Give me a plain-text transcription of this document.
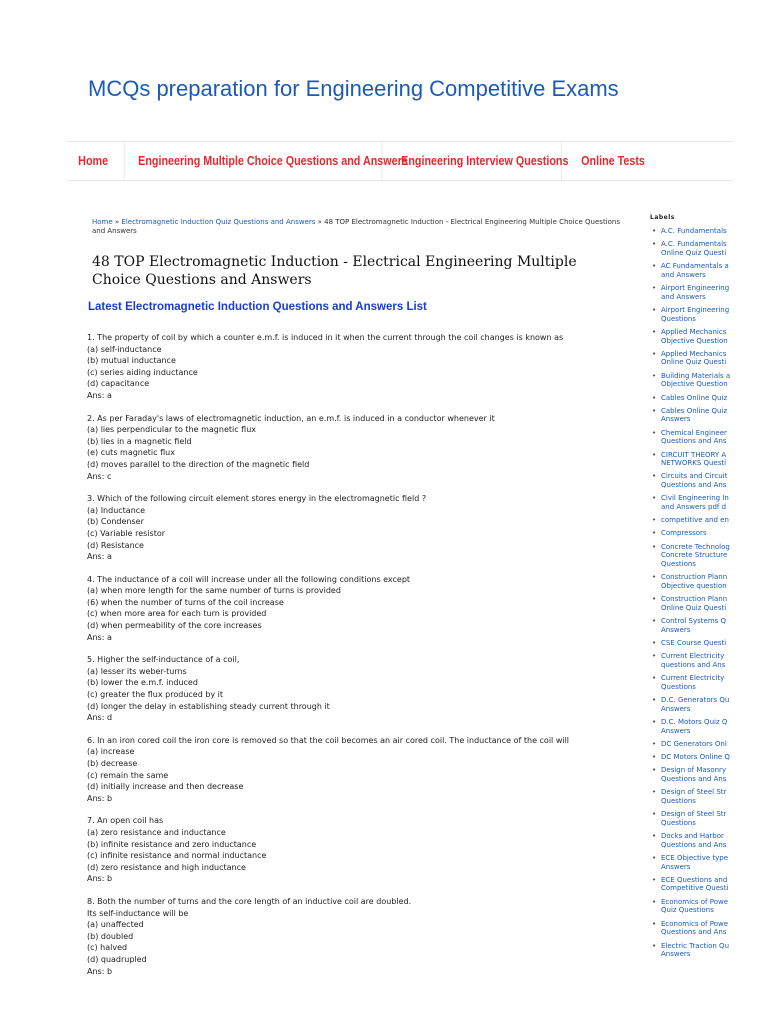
MCQs preparation for Engineering Competitive Exams
Home	Engineering Multiple Choice Questions and Answers
Engineering Interview Questions	Online Tests
Home » Electromagnetic Induction Quiz Questions and Answers » 48 TOP Electromagnetic Induction - Electrical Engineering Multiple Choice Questions and Answers
48 TOP Electromagnetic Induction - Electrical Engineering Multiple Choice Questions and Answers
Latest Electromagnetic Induction Questions and Answers List
1. The property of coil by which a counter e.m.f. is induced in it when the current through the coil changes is known as
(a) self-inductance
(b) mutual inductance
(c) series aiding inductance
(d) capacitance
Ans: a
2. As per Faraday's laws of electromagnetic induction, an e.m.f. is induced in a conductor whenever it
(a) lies perpendicular to the magnetic flux
(b) lies in a magnetic field
(e) cuts magnetic flux
(d) moves parallel to the direction of the magnetic field
Ans: c
3. Which of the following circuit element stores energy in the electromagnetic field ?
(a) Inductance
(b) Condenser
(c) Variable resistor
(d) Resistance
Ans: a
4. The inductance of a coil will increase under all the following conditions except
(a) when more length for the same number of turns is provided
(6) when the number of turns of the coil increase
(c) when more area for each turn is provided
(d) when permeability of the core increases
Ans: a
5. Higher the self-inductance of a coil,
(a) lesser its weber-turns
(b) lower the e.m.f. induced
(c) greater the flux produced by it
(d) longer the delay in establishing steady current through it
Ans: d
6. In an iron cored coil the iron core is removed so that the coil becomes an air cored coil. The inductance of the coil will
(a) increase
(b) decrease
(c) remain the same
(d) initially increase and then decrease
Ans: b
7. An open coil has
(a) zero resistance and inductance
(b) infinite resistance and zero inductance
(c) infinite resistance and normal inductance
(d) zero resistance and high inductance
Ans: b
8. Both the number of turns and the core length of an inductive coil are doubled.
Its self-inductance will be
(a) unaffected
(b) doubled
(c) halved
(d) quadrupled
Ans: b
Labels
• A.C. Fundamentals
• A.C. Fundamentals
Online Quiz Questi
• AC Fundamentals a
and Answers
• Airport Engineering
and Answers
• Airport Engineering
Questions
• Applied Mechanics
Objective Question
• Applied Mechanics
Online Quiz Questi
• Building Materials a
Objective Question
• Cables Online Quiz
• Cables Online Quiz
Answers
• Chemical Engineer
Questions and Ans
• CIRCUIT THEORY A
NETWORKS Questi
• Circuits and Circuit
Questions and Ans
• Civil Engineering In
and Answers pdf d
• competitive and en
• Compressors
• Concrete Technolog
Concrete Structure
Questions
• Construction Plann
Objective question
• Construction Plann
Online Quiz Questi
• Control Systems Q
Answers
• CSE Course Questi
• Current Electricity
questions and Ans
• Current Electricity
Questions
• D.C. Generators Qu
Answers
• D.C. Motors Quiz Q
Answers
• DC Generators Onl
• DC Motors Online Q
• Design of Masonry
Questions and Ans
• Design of Steel Str
Questions
• Design of Steel Str
Questions
• Docks and Harbor
Questions and Ans
• ECE Objective type
Answers
• ECE Questions and
Competitive Questi
• Economics of Powe
Quiz Questions
• Economics of Powe
Questions and Ans
• Electric Traction Qu
Answers
